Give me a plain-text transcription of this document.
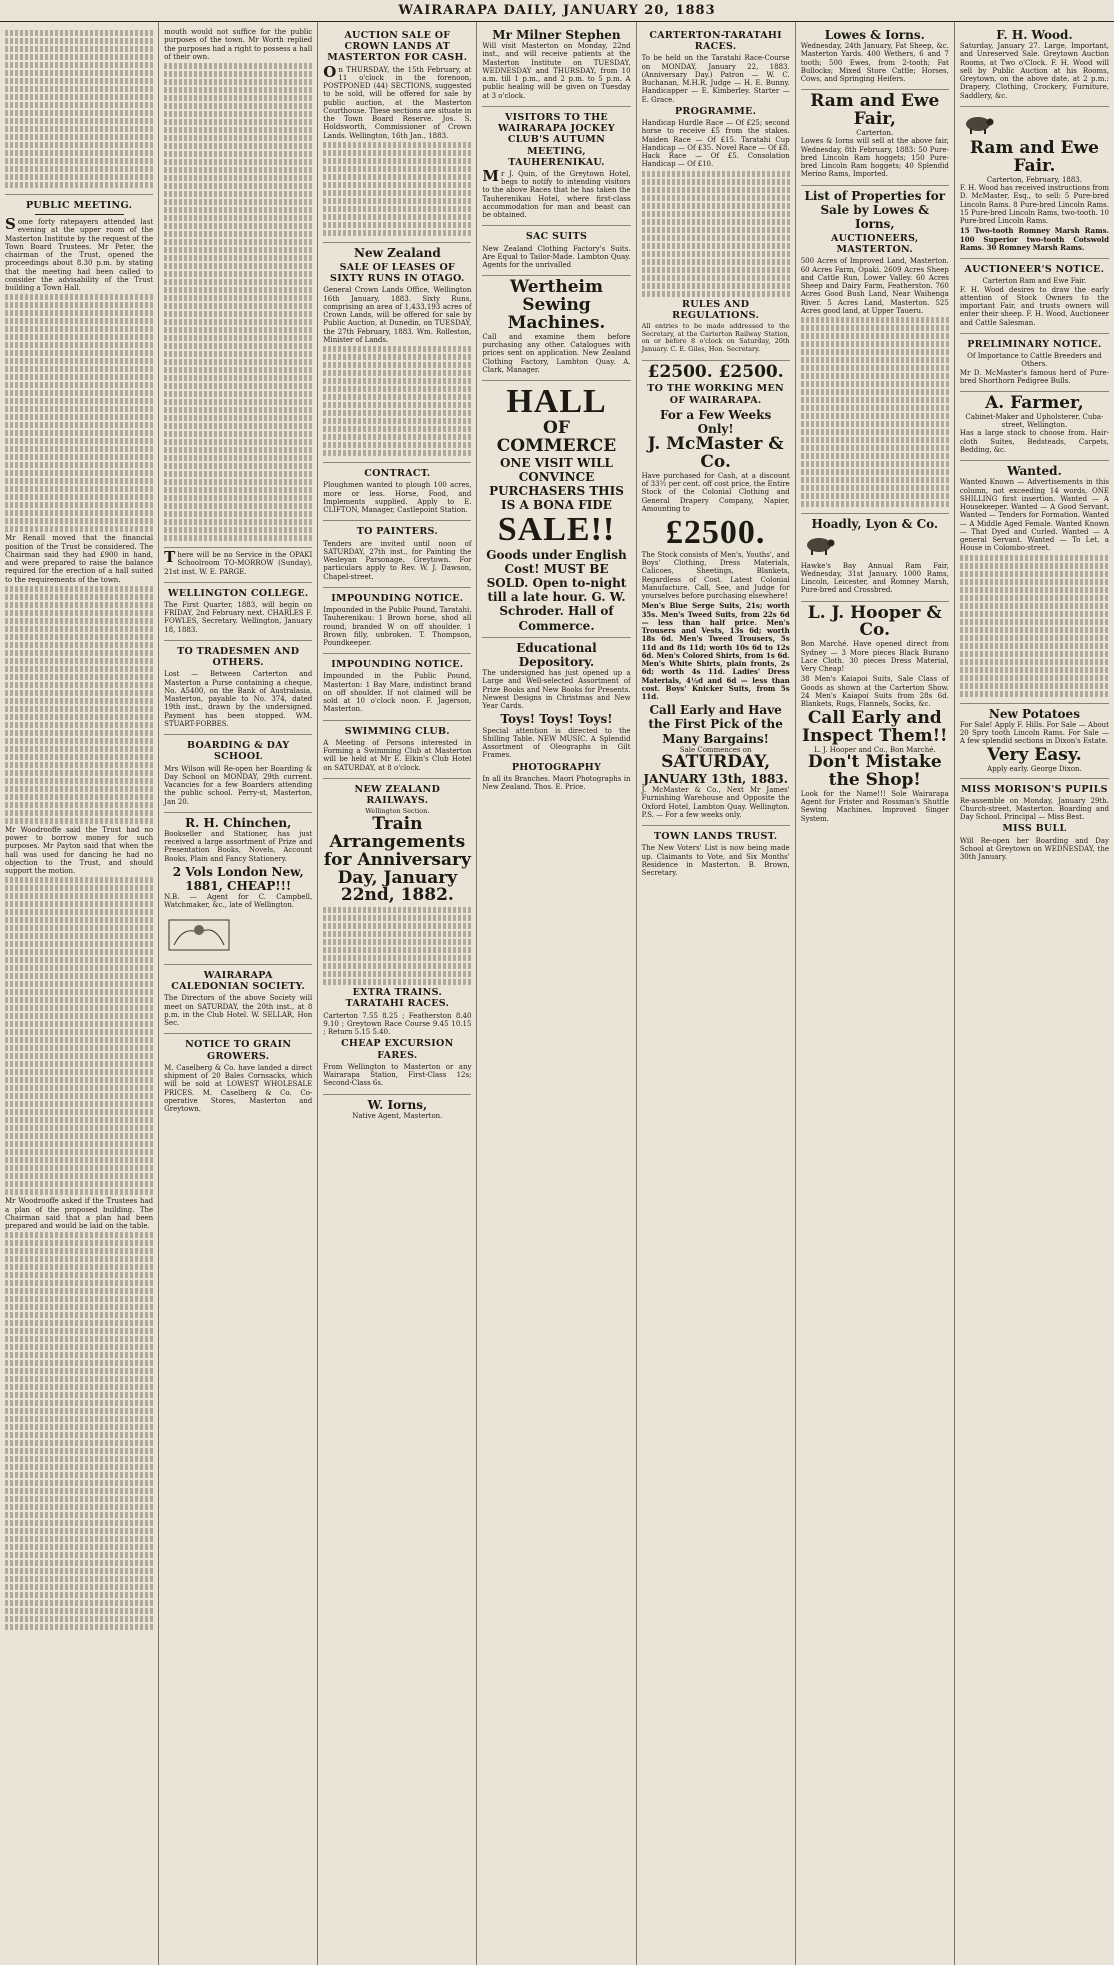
WAIRARAPA DAILY, JANUARY 20, 1883
PUBLIC MEETING.
Some forty ratepayers attended last evening at the upper room of the Masterton Institute by the request of the Town Board Trustees. Mr Peter, the chairman of the Trust, opened the proceedings about 8.30 p.m. by stating that the meeting had been called to consider the advisability of the Trust building a Town Hall.
Mr Renall moved that the financial position of the Trust be considered. The Chairman said they had £900 in hand, and were prepared to raise the balance required for the erection of a hall suited to the requirements of the town.
Mr Woodrooffe said the Trust had no power to borrow money for such purposes. Mr Payton said that when the hall was used for dancing he had no objection to the Trust, and should support the motion.
Mr Woodrooffe asked if the Trustees had a plan of the proposed building. The Chairman said that a plan had been prepared and would be laid on the table.
mouth would not suffice for the public purposes of the town. Mr Worth replied the purposes had a right to possess a hall of their own.
There will be no Service in the OPAKI Schoolroom TO-MORROW (Sunday), 21st inst. W. E. PARGE.
WELLINGTON COLLEGE.
The First Quarter, 1883, will begin on FRIDAY, 2nd February next. CHARLES F. FOWLES, Secretary. Wellington, January 18, 1883.
TO TRADESMEN AND OTHERS.
Lost — Between Carterton and Masterton a Purse containing a cheque, No. A5400, on the Bank of Australasia, Masterton, payable to No. 374, dated 19th inst., drawn by the undersigned. Payment has been stopped. WM. STUART-FORBES.
BOARDING & DAY SCHOOL
Mrs Wilson will Re-open her Boarding & Day School on MONDAY, 29th current. Vacancies for a few Boarders attending the public school. Perry-st, Masterton, Jan 20.
R. H. Chinchen,
Bookseller and Stationer, has just received a large assortment of Prize and Presentation Books, Novels, Account Books, Plain and Fancy Stationery.
2 Vols London New, 1881, CHEAP!!!
N.B. — Agent for C. Campbell, Watchmaker, &c., late of Wellington.
WAIRARAPA CALEDONIAN SOCIETY.
The Directors of the above Society will meet on SATURDAY, the 20th inst., at 8 p.m. in the Club Hotel. W. SELLAR, Hon Sec.
NOTICE TO GRAIN GROWERS.
M. Caselberg & Co. have landed a direct shipment of 20 Bales Cornsacks, which will be sold at LOWEST WHOLESALE PRICES. M. Caselberg & Co. Co-operative Stores, Masterton and Greytown.
AUCTION SALE OF CROWN LANDS AT MASTERTON FOR CASH.
On THURSDAY, the 15th February, at 11 o'clock in the forenoon, POSTPONED (44) SECTIONS, suggested to be sold, will be offered for sale by public auction, at the Masterton Courthouse. These sections are situate in the Town Board Reserve. Jos. S. Holdsworth, Commissioner of Crown Lands. Wellington, 16th Jan., 1883.
New Zealand
SALE OF LEASES OF SIXTY RUNS IN OTAGO.
General Crown Lands Office, Wellington 16th January, 1883. Sixty Runs, comprising an area of 1,433,193 acres of Crown Lands, will be offered for sale by Public Auction, at Dunedin, on TUESDAY, the 27th February, 1883. Wm. Rolleston, Minister of Lands.
CONTRACT.
Ploughmen wanted to plough 100 acres, more or less. Horse, Food, and Implements supplied. Apply to E. CLIFTON, Manager, Castlepoint Station.
TO PAINTERS.
Tenders are invited until noon of SATURDAY, 27th inst., for Painting the Wesleyan Parsonage, Greytown. For particulars apply to Rev. W. J. Dawson, Chapel-street.
IMPOUNDING NOTICE.
Impounded in the Public Pound, Taratahi, Tauherenikau: 1 Brown horse, shod all round, branded W on off shoulder. 1 Brown filly, unbroken. T. Thompson, Poundkeeper.
IMPOUNDING NOTICE.
Impounded in the Public Pound, Masterton: 1 Bay Mare, indistinct brand on off shoulder. If not claimed will be sold at 10 o'clock noon. F. Jagerson, Masterton.
SWIMMING CLUB.
A Meeting of Persons interested in Forming a Swimming Club at Masterton will be held at Mr E. Elkin's Club Hotel on SATURDAY, at 8 o'clock.
NEW ZEALAND RAILWAYS.
Wellington Section.
Train Arrangements for Anniversary Day, January 22nd, 1882.
EXTRA TRAINS. TARATAHI RACES.
Carterton 7.55 8.25 ; Featherston 8.40 9.10 ; Greytown Race Course 9.45 10.15 ; Return 5.15 5.40.
CHEAP EXCURSION FARES.
From Wellington to Masterton or any Wairarapa Station, First-Class 12s; Second-Class 6s.
W. Iorns,
Native Agent, Masterton.
Mr Milner Stephen
Will visit Masterton on Monday, 22nd inst., and will receive patients at the Masterton Institute on TUESDAY, WEDNESDAY and THURSDAY, from 10 a.m. till 1 p.m., and 2 p.m. to 5 p.m. A public healing will be given on Tuesday at 3 o'clock.
VISITORS TO THE WAIRARAPA JOCKEY CLUB'S AUTUMN MEETING, TAUHERENIKAU.
Mr J. Quin, of the Greytown Hotel, begs to notify to intending visitors to the above Races that he has taken the Tauherenikau Hotel, where first-class accommodation for man and beast can be obtained.
SAC SUITS
New Zealand Clothing Factory's Suits. Are Equal to Tailor-Made. Lambton Quay. Agents for the unrivalled
Wertheim Sewing Machines.
Call and examine them before purchasing any other. Catalogues with prices sent on application. New Zealand Clothing Factory, Lambton Quay. A. Clark, Manager.
HALL
OF COMMERCE
ONE VISIT WILL CONVINCE PURCHASERS THIS IS A BONA FIDE
SALE!!
Goods under English Cost! MUST BE SOLD. Open to-night till a late hour. G. W. Schroder. Hall of Commerce.
Educational Depository.
The undersigned has just opened up a Large and Well-selected Assortment of Prize Books and New Books for Presents. Newest Designs in Christmas and New Year Cards.
Toys! Toys! Toys!
Special attention is directed to the Shilling Table. NEW MUSIC. A Splendid Assortment of Oleographs in Gilt Frames.
PHOTOGRAPHY
In all its Branches. Maori Photographs in New Zealand. Thos. E. Price.
CARTERTON-TARATAHI RACES.
To be held on the Taratahi Race-Course on MONDAY, January 22, 1883. (Anniversary Day.) Patron — W. C. Buchanan, M.H.R. Judge — H. E. Bunny. Handicapper — E. Kimberley. Starter — E. Grace.
PROGRAMME.
Handicap Hurdle Race — Of £25; second horse to receive £5 from the stakes. Maiden Race — Of £15. Taratahi Cup Handicap — Of £35. Novel Race — Of £8. Hack Race — Of £5. Consolation Handicap — Of £10.
RULES AND REGULATIONS.
All entries to be made addressed to the Secretary, at the Carterton Railway Station, on or before 8 o'clock on Saturday, 20th January. C. E. Giles, Hon. Secretary.
£2500. £2500.
TO THE WORKING MEN OF WAIRARAPA.
For a Few Weeks Only!
J. McMaster & Co.
Have purchased for Cash, at a discount of 33½ per cent. off cost price, the Entire Stock of the Colonial Clothing and General Drapery Company, Napier, Amounting to
£2500.
The Stock consists of Men's, Youths', and Boys' Clothing, Dress Materials, Calicoes, Sheetings, Blankets, Regardless of Cost. Latest Colonial Manufacture. Call, See, and Judge for yourselves before purchasing elsewhere!
Men's Blue Serge Suits, 21s; worth 35s. Men's Tweed Suits, from 22s 6d — less than half price. Men's Trousers and Vests, 13s 6d; worth 18s 6d. Men's Tweed Trousers, 5s 11d and 8s 11d; worth 10s 6d to 12s 6d. Men's Colored Shirts, from 1s 6d. Men's White Shirts, plain fronts, 2s 6d; worth 4s 11d. Ladies' Dress Materials, 4½d and 6d — less than cost. Boys' Knicker Suits, from 5s 11d.
Call Early and Have the First Pick of the Many Bargains!
Sale Commences on
SATURDAY,
JANUARY 13th, 1883.
J. McMaster & Co., Next Mr James' Furnishing Warehouse and Opposite the Oxford Hotel, Lambton Quay. Wellington. P.S. — For a few weeks only.
TOWN LANDS TRUST.
The New Voters' List is now being made up. Claimants to Vote, and Six Months' Residence in Masterton. B. Brown, Secretary.
Lowes & Iorns.
Wednesday, 24th January, Fat Sheep, &c. Masterton Yards. 400 Wethers, 6 and 7 tooth; 500 Ewes, from 2-tooth; Fat Bullocks; Mixed Store Cattle; Horses, Cows, and Springing Heifers.
Ram and Ewe Fair,
Carterton.
Lowes & Iorns will sell at the above fair, Wednesday, 8th February, 1883: 50 Pure-bred Lincoln Ram hoggets; 150 Pure-bred Lincoln Ram hoggets; 40 Splendid Merino Rams, Imported.
List of Properties for Sale by Lowes & Iorns,
AUCTIONEERS, MASTERTON.
500 Acres of Improved Land, Masterton. 60 Acres Farm, Opaki. 2609 Acres Sheep and Cattle Run, Lower Valley. 60 Acres Sheep and Dairy Farm, Featherston. 760 Acres Good Bush Land, Near Waihenga River. 5 Acres Land, Masterton. 525 Acres good land, at Upper Taueru.
Hoadly, Lyon & Co.
Hawke's Bay Annual Ram Fair, Wednesday, 31st January. 1000 Rams, Lincoln, Leicester, and Romney Marsh, Pure-bred and Crossbred.
L. J. Hooper & Co.
Bon Marché. Have opened direct from Sydney — 3 More pieces Black Burano Lace Cloth. 30 pieces Dress Material, Very Cheap!
38 Men's Kaiapoi Suits, Sale Class of Goods as shown at the Carterton Show. 24 Men's Kaiapoi Suits from 28s 6d. Blankets, Rugs, Flannels, Socks, &c.
Call Early and Inspect Them!!
L. J. Hooper and Co., Bon Marché.
Don't Mistake the Shop!
Look for the Name!!! Sole Wairarapa Agent for Frister and Rossman's Shuttle Sewing Machines. Improved Singer System.
F. H. Wood.
Saturday, January 27. Large, Important, and Unreserved Sale. Greytown Auction Rooms, at Two o'Clock. F. H. Wood will sell by Public Auction at his Rooms, Greytown, on the above date, at 2 p.m.: Drapery, Clothing, Crockery, Furniture, Saddlery, &c.
Ram and Ewe Fair.
Carterton, February, 1883.
F. H. Wood has received instructions from D. McMaster, Esq., to sell: 5 Pure-bred Lincoln Rams. 8 Pure-bred Lincoln Rams. 15 Pure-bred Lincoln Rams, two-tooth. 10 Pure-bred Lincoln Rams.
15 Two-tooth Romney Marsh Rams. 100 Superior two-tooth Cotswold Rams. 30 Romney Marsh Rams.
AUCTIONEER'S NOTICE.
Carterton Ram and Ewe Fair.
F. H. Wood desires to draw the early attention of Stock Owners to the important Fair, and trusts owners will enter their sheep. F. H. Wood, Auctioneer and Cattle Salesman.
PRELIMINARY NOTICE.
Of Importance to Cattle Breeders and Others.
Mr D. McMaster's famous herd of Pure-bred Shorthorn Pedigree Bulls.
A. Farmer,
Cabinet-Maker and Upholsterer, Cuba-street, Wellington.
Has a large stock to choose from. Hair-cloth Suites, Bedsteads, Carpets, Bedding, &c.
Wanted.
Wanted Known — Advertisements in this column, not exceeding 14 words, ONE SHILLING first insertion. Wanted — A Housekeeper. Wanted — A Good Servant. Wanted — Tenders for Formation. Wanted — A Middle Aged Female. Wanted Known — That Dyed and Curled. Wanted — A general Servant. Wanted — To Let, a House in Colombo-street.
New Potatoes
For Sale! Apply F. Hills. For Sale — About 20 Spry tooth Lincoln Rams. For Sale — A few splendid sections in Dixon's Estate.
Very Easy.
Apply early. George Dixon.
MISS MORISON'S PUPILS
Re-assemble on Monday, January 29th. Church-street, Masterton. Boarding and Day School. Principal — Miss Best.
MISS BULL
Will Re-open her Boarding and Day School at Greytown on WEDNESDAY, the 30th January.
